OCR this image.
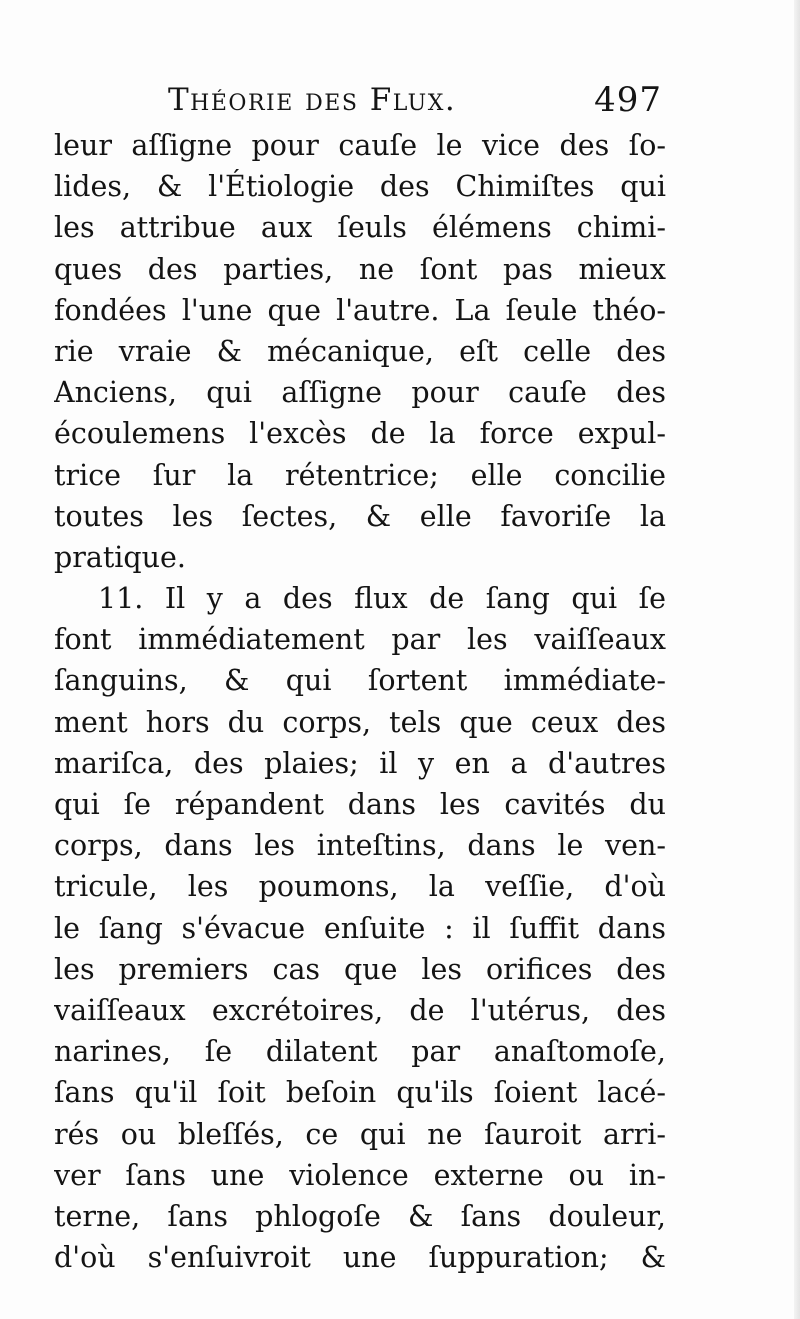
Théorie des Flux.	497
leur aſſigne pour cauſe le vice des ſo-
lides, & l'Étiologie des Chimiſtes qui
les attribue aux ſeuls élémens chimi-
ques des parties, ne ſont pas mieux
fondées l'une que l'autre. La ſeule théo-
rie vraie & mécanique, eſt celle des
Anciens, qui aſſigne pour cauſe des
écoulemens l'excès de la force expul-
trice ſur la rétentrice; elle concilie
toutes les ſectes, & elle favoriſe la
pratique.
11. Il y a des flux de ſang qui ſe
font immédiatement par les vaiſſeaux
ſanguins, & qui ſortent immédiate-
ment hors du corps, tels que ceux des
mariſca, des plaies; il y en a d'autres
qui ſe répandent dans les cavités du
corps, dans les inteſtins, dans le ven-
tricule, les poumons, la veſſie, d'où
le ſang s'évacue enſuite : il ſuffit dans
les premiers cas que les orifices des
vaiſſeaux excrétoires, de l'utérus, des
narines, ſe dilatent par anaſtomoſe,
ſans qu'il ſoit beſoin qu'ils ſoient lacé-
rés ou bleſſés, ce qui ne ſauroit arri-
ver ſans une violence externe ou in-
terne, ſans phlogoſe & ſans douleur,
d'où s'enſuivroit une ſuppuration; &
